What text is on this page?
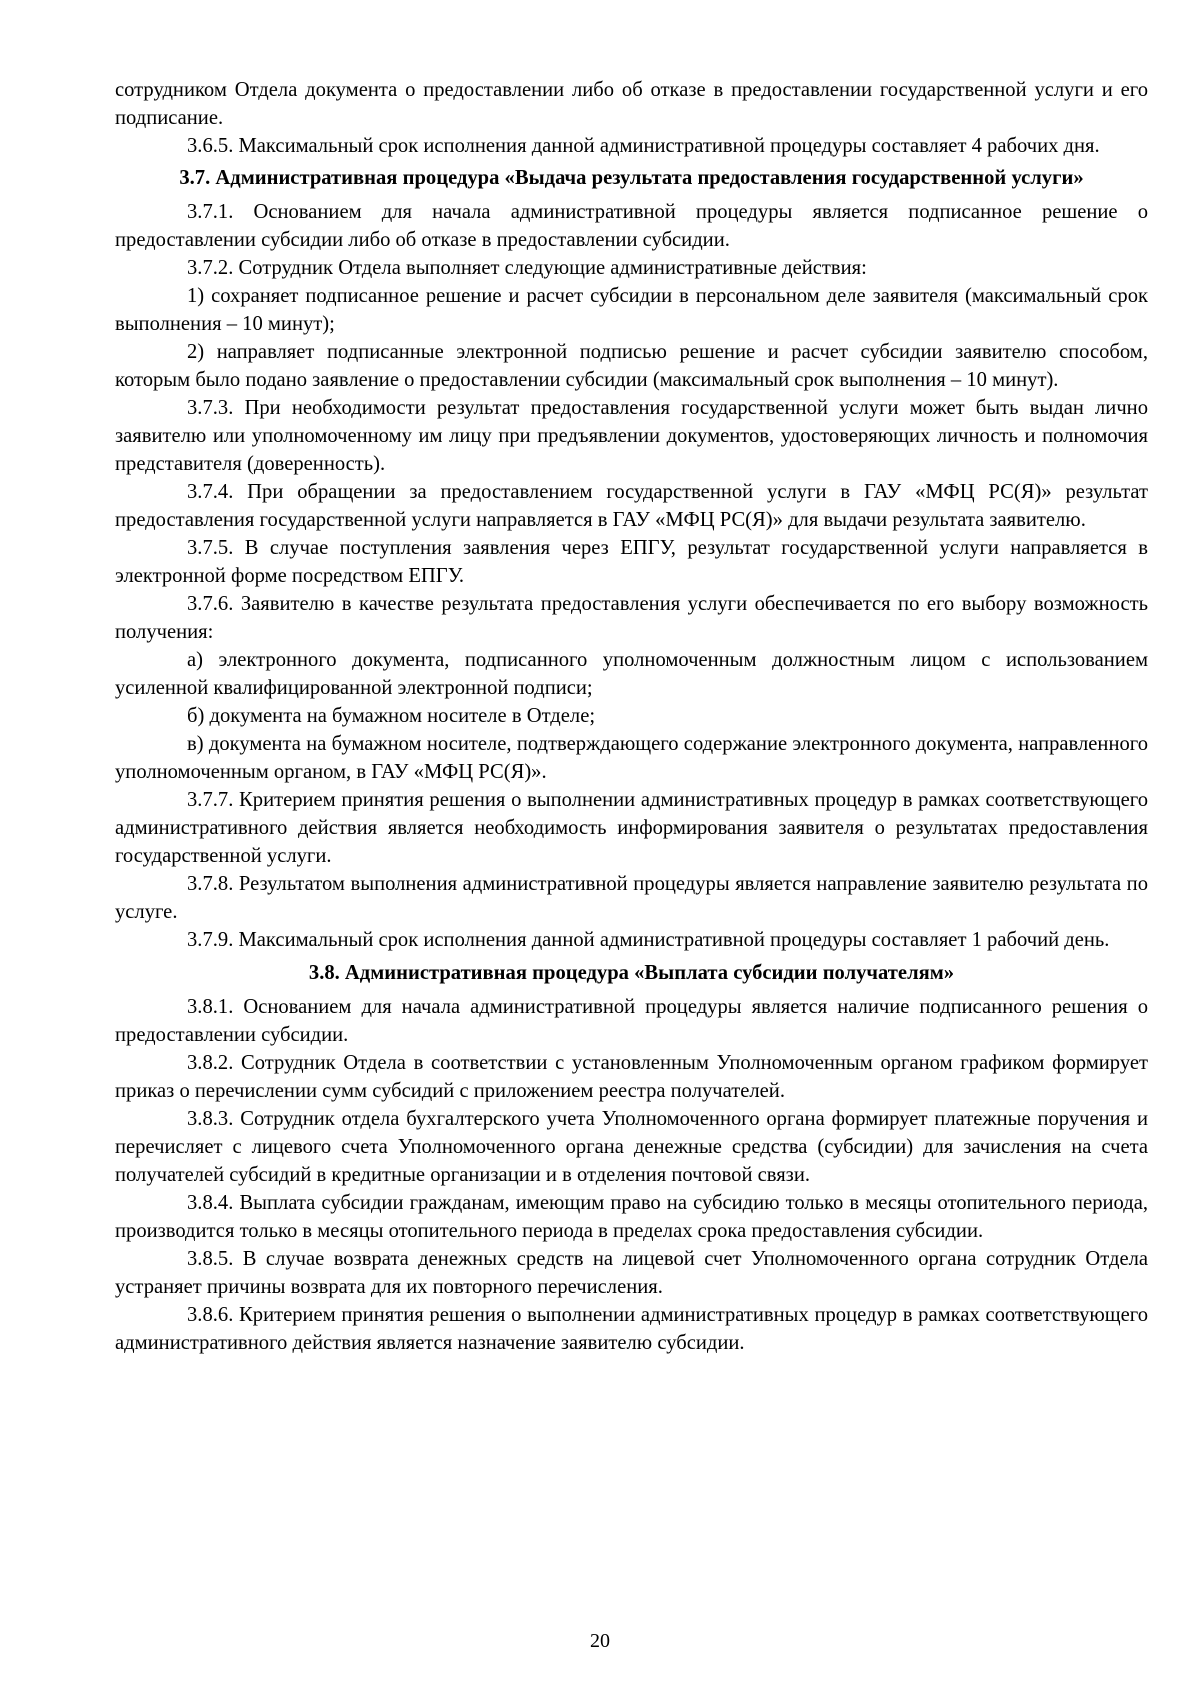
сотрудником Отдела документа о предоставлении либо об отказе в предоставлении государственной услуги и его подписание.

3.6.5. Максимальный срок исполнения данной административной процедуры составляет 4 рабочих дня.

3.7. Административная процедура «Выдача результата предоставления государственной услуги»

3.7.1. Основанием для начала административной процедуры является подписанное решение о предоставлении субсидии либо об отказе в предоставлении субсидии.

3.7.2. Сотрудник Отдела выполняет следующие административные действия:

1) сохраняет подписанное решение и расчет субсидии в персональном деле заявителя (максимальный срок выполнения – 10 минут);

2) направляет подписанные электронной подписью решение и расчет субсидии заявителю способом, которым было подано заявление о предоставлении субсидии (максимальный срок выполнения – 10 минут).

3.7.3. При необходимости результат предоставления государственной услуги может быть выдан лично заявителю или уполномоченному им лицу при предъявлении документов, удостоверяющих личность и полномочия представителя (доверенность).

3.7.4. При обращении за предоставлением государственной услуги в ГАУ «МФЦ РС(Я)» результат предоставления государственной услуги направляется в ГАУ «МФЦ РС(Я)» для выдачи результата заявителю.

3.7.5. В случае поступления заявления через ЕПГУ, результат государственной услуги направляется в электронной форме посредством ЕПГУ.

3.7.6. Заявителю в качестве результата предоставления услуги обеспечивается по его выбору возможность получения:

а) электронного документа, подписанного уполномоченным должностным лицом с использованием усиленной квалифицированной электронной подписи;

б) документа на бумажном носителе в Отделе;

в) документа на бумажном носителе, подтверждающего содержание электронного документа, направленного уполномоченным органом, в ГАУ «МФЦ РС(Я)».

3.7.7. Критерием принятия решения о выполнении административных процедур в рамках соответствующего административного действия является необходимость информирования заявителя о результатах предоставления государственной услуги.

3.7.8. Результатом выполнения административной процедуры является направление заявителю результата по услуге.

3.7.9. Максимальный срок исполнения данной административной процедуры составляет 1 рабочий день.

3.8. Административная процедура «Выплата субсидии получателям»

3.8.1. Основанием для начала административной процедуры является наличие подписанного решения о предоставлении субсидии.

3.8.2. Сотрудник Отдела в соответствии с установленным Уполномоченным органом графиком формирует приказ о перечислении сумм субсидий с приложением реестра получателей.

3.8.3. Сотрудник отдела бухгалтерского учета Уполномоченного органа формирует платежные поручения и перечисляет с лицевого счета Уполномоченного органа денежные средства (субсидии) для зачисления на счета получателей субсидий в кредитные организации и в отделения почтовой связи.

3.8.4. Выплата субсидии гражданам, имеющим право на субсидию только в месяцы отопительного периода, производится только в месяцы отопительного периода в пределах срока предоставления субсидии.

3.8.5. В случае возврата денежных средств на лицевой счет Уполномоченного органа сотрудник Отдела устраняет причины возврата для их повторного перечисления.

3.8.6. Критерием принятия решения о выполнении административных процедур в рамках соответствующего административного действия является назначение заявителю субсидии.

20
